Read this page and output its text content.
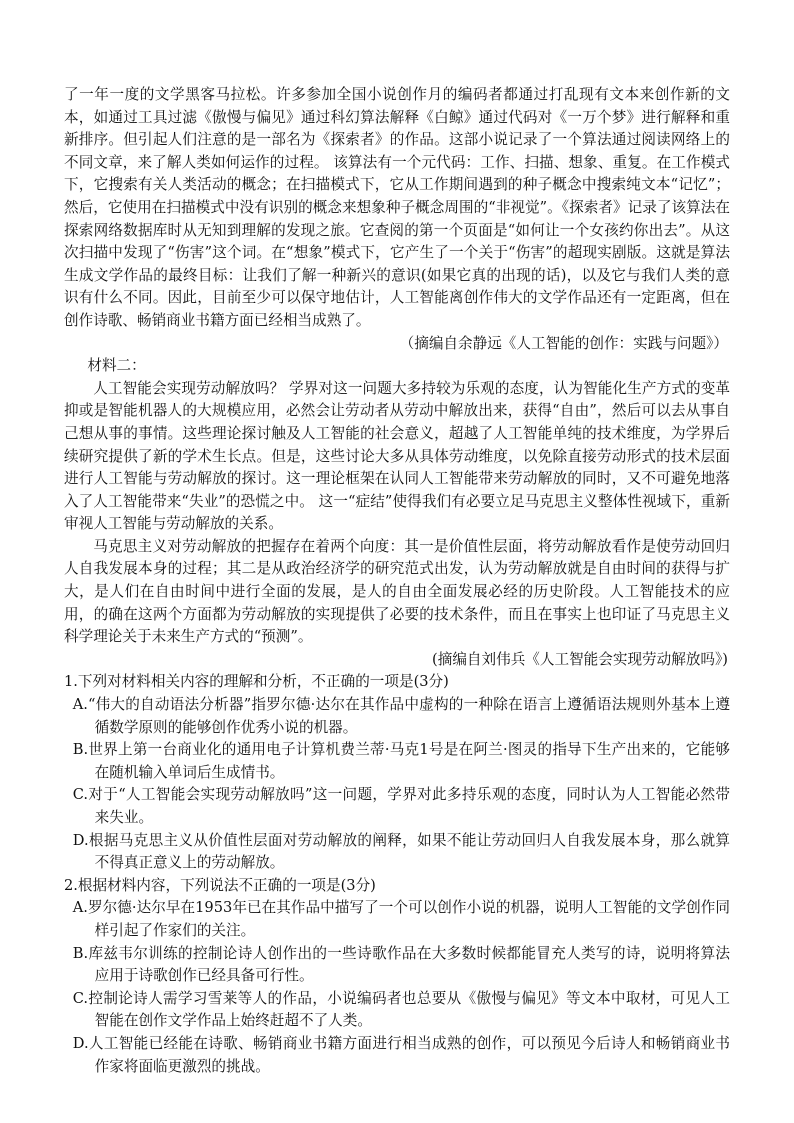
了一年一度的文学黑客马拉松。许多参加全国小说创作月的编码者都通过打乱现有文本来创作新的文本，如通过工具过滤《傲慢与偏见》通过科幻算法解释《白鲸》通过代码对《一万个梦》进行解释和重新排序。但引起人们注意的是一部名为《探索者》的作品。这部小说记录了一个算法通过阅读网络上的不同文章，来了解人类如何运作的过程。 该算法有一个元代码：工作、扫描、想象、重复。在工作模式下，它搜索有关人类活动的概念；在扫描模式下，它从工作期间遇到的种子概念中搜索纯文本“记忆”；然后，它使用在扫描模式中没有识别的概念来想象种子概念周围的“非视觉”。《探索者》记录了该算法在探索网络数据库时从无知到理解的发现之旅。它查阅的第一个页面是“如何让一个女孩约你出去”。从这次扫描中发现了“伤害”这个词。在“想象”模式下，它产生了一个关于“伤害”的超现实剧版。这就是算法生成文学作品的最终目标：让我们了解一种新兴的意识(如果它真的出现的话)，以及它与我们人类的意识有什么不同。因此，目前至少可以保守地估计，人工智能离创作伟大的文学作品还有一定距离，但在创作诗歌、畅销商业书籍方面已经相当成熟了。

（摘编自余静远《人工智能的创作：实践与问题》）

材料二：

人工智能会实现劳动解放吗？ 学界对这一问题大多持较为乐观的态度，认为智能化生产方式的变革抑或是智能机器人的大规模应用，必然会让劳动者从劳动中解放出来，获得“自由”，然后可以去从事自己想从事的事情。这些理论探讨触及人工智能的社会意义，超越了人工智能单纯的技术维度，为学界后续研究提供了新的学术生长点。但是，这些讨论大多从具体劳动维度，以免除直接劳动形式的技术层面进行人工智能与劳动解放的探讨。这一理论框架在认同人工智能带来劳动解放的同时，又不可避免地落入了人工智能带来“失业”的恐慌之中。 这一“症结”使得我们有必要立足马克思主义整体性视域下，重新审视人工智能与劳动解放的关系。

马克思主义对劳动解放的把握存在着两个向度：其一是价值性层面，将劳动解放看作是使劳动回归人自我发展本身的过程；其二是从政治经济学的研究范式出发，认为劳动解放就是自由时间的获得与扩大，是人们在自由时间中进行全面的发展，是人的自由全面发展必经的历史阶段。人工智能技术的应用，的确在这两个方面都为劳动解放的实现提供了必要的技术条件，而且在事实上也印证了马克思主义科学理论关于未来生产方式的“预测”。

(摘编自刘伟兵《人工智能会实现劳动解放吗》)

1.下列对材料相关内容的理解和分析，不正确的一项是(3分)

A.“伟大的自动语法分析器”指罗尔德·达尔在其作品中虚构的一种除在语言上遵循语法规则外基本上遵循数学原则的能够创作优秀小说的机器。

B.世界上第一台商业化的通用电子计算机费兰蒂·马克1号是在阿兰·图灵的指导下生产出来的，它能够在随机输入单词后生成情书。

C.对于“人工智能会实现劳动解放吗”这一问题，学界对此多持乐观的态度，同时认为人工智能必然带来失业。

D.根据马克思主义从价值性层面对劳动解放的阐释，如果不能让劳动回归人自我发展本身，那么就算不得真正意义上的劳动解放。

2.根据材料内容，下列说法不正确的一项是(3分)

A.罗尔德·达尔早在1953年已在其作品中描写了一个可以创作小说的机器，说明人工智能的文学创作同样引起了作家们的关注。

B.库兹韦尔训练的控制论诗人创作出的一些诗歌作品在大多数时候都能冒充人类写的诗，说明将算法应用于诗歌创作已经具备可行性。

C.控制论诗人需学习雪莱等人的作品，小说编码者也总要从《傲慢与偏见》等文本中取材，可见人工智能在创作文学作品上始终赶超不了人类。

D.人工智能已经能在诗歌、畅销商业书籍方面进行相当成熟的创作，可以预见今后诗人和畅销商业书作家将面临更激烈的挑战。
